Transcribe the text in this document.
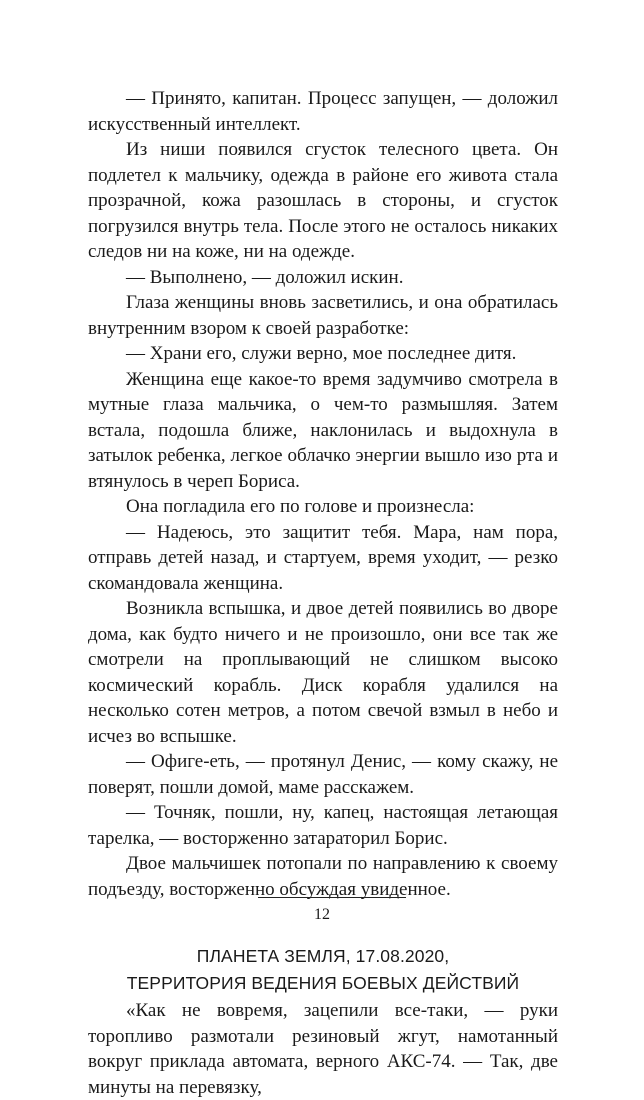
— Принято, капитан. Процесс запущен, — доложил искусственный интеллект.

Из ниши появился сгусток телесного цвета. Он подлетел к мальчику, одежда в районе его живота стала прозрачной, кожа разошлась в стороны, и сгусток погрузился внутрь тела. После этого не осталось никаких следов ни на коже, ни на одежде.

— Выполнено, — доложил искин.

Глаза женщины вновь засветились, и она обратилась внутренним взором к своей разработке:

— Храни его, служи верно, мое последнее дитя.

Женщина еще какое-то время задумчиво смотрела в мутные глаза мальчика, о чем-то размышляя. Затем встала, подошла ближе, наклонилась и выдохнула в затылок ребенка, легкое облачко энергии вышло изо рта и втянулось в череп Бориса.

Она погладила его по голове и произнесла:

— Надеюсь, это защитит тебя. Мара, нам пора, отправь детей назад, и стартуем, время уходит, — резко скомандовала женщина.

Возникла вспышка, и двое детей появились во дворе дома, как будто ничего и не произошло, они все так же смотрели на проплывающий не слишком высоко космический корабль. Диск корабля удалился на несколько сотен метров, а потом свечой взмыл в небо и исчез во вспышке.

— Офиге-еть, — протянул Денис, — кому скажу, не поверят, пошли домой, маме расскажем.

— Точняк, пошли, ну, капец, настоящая летающая тарелка, — восторженно затараторил Борис.

Двое мальчишек потопали по направлению к своему подъезду, восторженно обсуждая увиденное.

ПЛАНЕТА ЗЕМЛЯ, 17.08.2020,
ТЕРРИТОРИЯ ВЕДЕНИЯ БОЕВЫХ ДЕЙСТВИЙ

«Как не вовремя, зацепили все-таки, — руки торопливо размотали резиновый жгут, намотанный вокруг приклада автомата, верного АКС-74. — Так, две минуты на перевязку,

12
